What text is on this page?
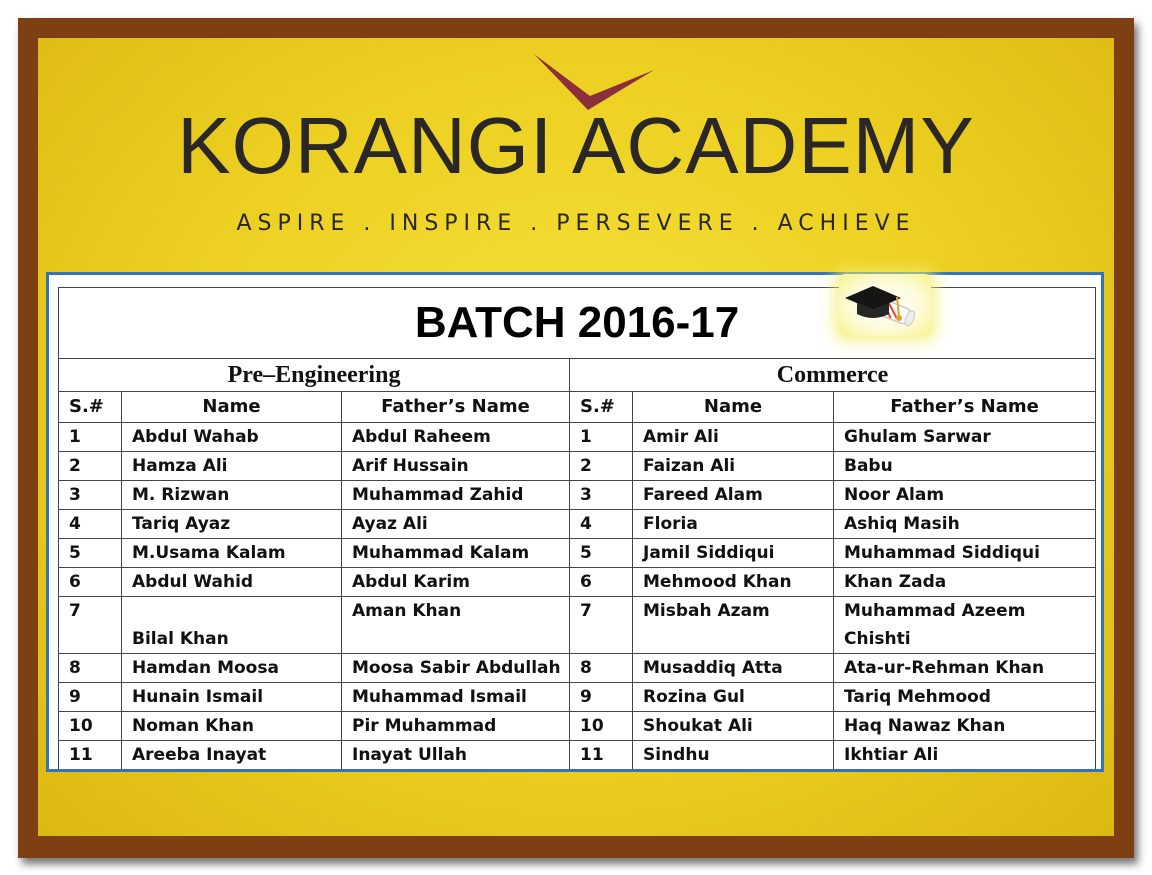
KORANGI ACADEMY
ASPIRE . INSPIRE . PERSEVERE . ACHIEVE
BATCH 2016-17					

Pre–Engineering			Commerce		
S.#	Name	Father’s Name	S.#	Name	Father’s Name
1	Abdul Wahab	Abdul Raheem	1	Amir Ali	Ghulam Sarwar
2	Hamza Ali	Arif Hussain	2	Faizan Ali	Babu
3	M. Rizwan	Muhammad Zahid	3	Fareed Alam	Noor Alam
4	Tariq Ayaz	Ayaz Ali	4	Floria	Ashiq Masih
5	M.Usama Kalam	Muhammad Kalam	5	Jamil Siddiqui	Muhammad Siddiqui
6	Abdul Wahid	Abdul Karim	6	Mehmood Khan	Khan Zada
7	Bilal Khan	Aman Khan	7	Misbah Azam	Muhammad Azeem
Chishti
8	Hamdan Moosa	Moosa Sabir Abdullah	8	Musaddiq Atta	Ata-ur-Rehman Khan
9	Hunain Ismail	Muhammad Ismail	9	Rozina Gul	Tariq Mehmood
10	Noman Khan	Pir Muhammad	10	Shoukat Ali	Haq Nawaz Khan
11	Areeba Inayat	Inayat Ullah	11	Sindhu	Ikhtiar Ali
